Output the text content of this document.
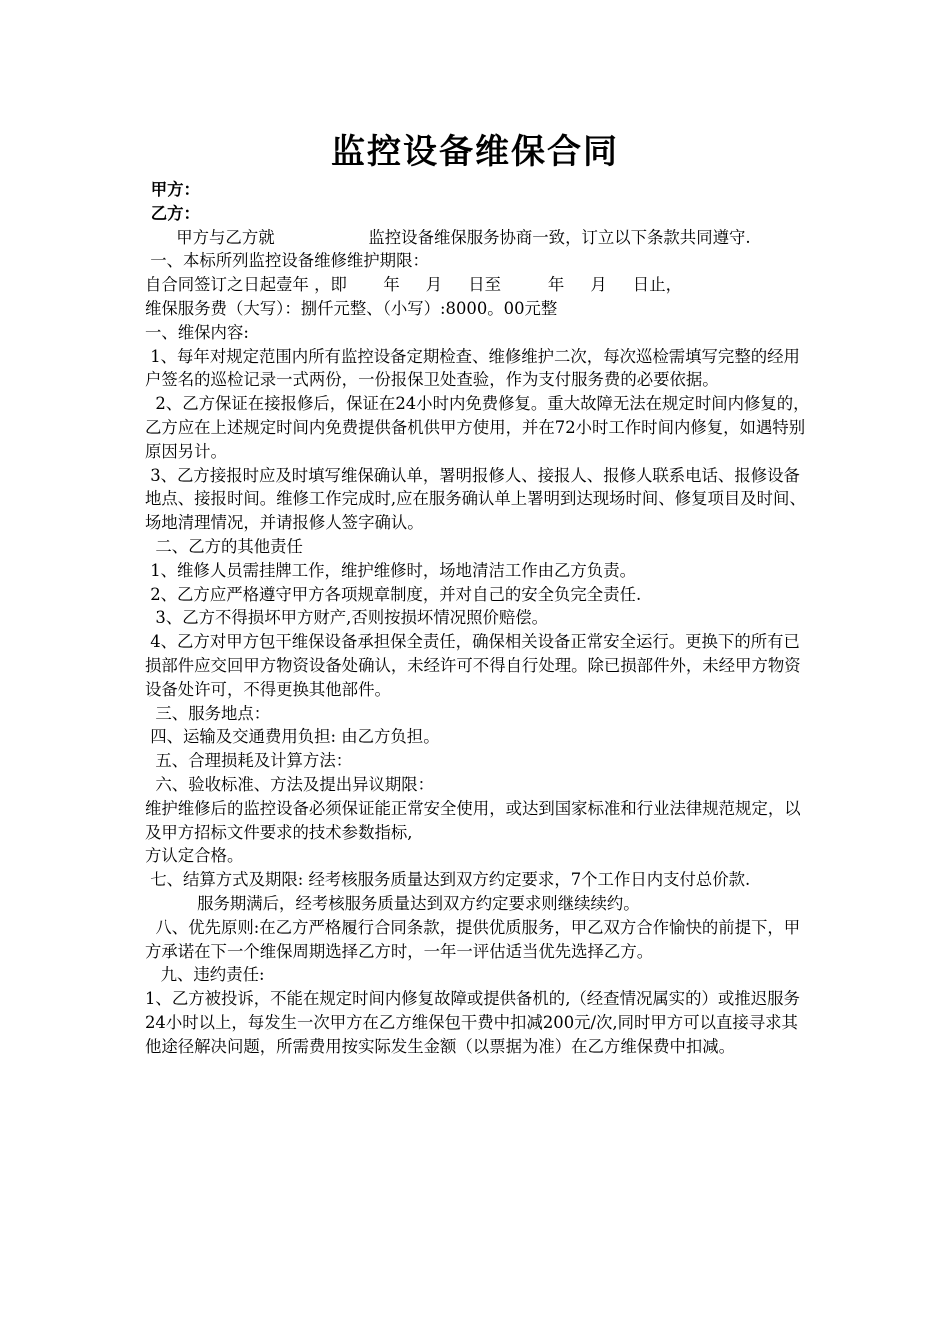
监控设备维保合同

甲方：

乙方：

甲方与乙方就                  监控设备维保服务协商一致，订立以下条款共同遵守.

一、本标所列监控设备维修维护期限：

自合同签订之日起壹年 ，即       年     月     日至         年     月     日止，

维保服务费（大写）：捌仟元整、（小写）:8000。00元整

一、维保内容:

1、每年对规定范围内所有监控设备定期检查、维修维护二次，每次巡检需填写完整的经用户签名的巡检记录一式两份，一份报保卫处查验，作为支付服务费的必要依据。

2、乙方保证在接报修后，保证在24小时内免费修复。重大故障无法在规定时间内修复的，乙方应在上述规定时间内免费提供备机供甲方使用，并在72小时工作时间内修复，如遇特别原因另计。

3、乙方接报时应及时填写维保确认单，署明报修人、接报人、报修人联系电话、报修设备地点、接报时间。维修工作完成时,应在服务确认单上署明到达现场时间、修复项目及时间、场地清理情况，并请报修人签字确认。

二、乙方的其他责任

1、维修人员需挂牌工作，维护维修时，场地清洁工作由乙方负责。

2、乙方应严格遵守甲方各项规章制度，并对自己的安全负完全责任.

3、乙方不得损坏甲方财产,否则按损坏情况照价赔偿。

4、乙方对甲方包干维保设备承担保全责任，确保相关设备正常安全运行。更换下的所有已损部件应交回甲方物资设备处确认，未经许可不得自行处理。除已损部件外，未经甲方物资设备处许可，不得更换其他部件。

三、服务地点：

四、运输及交通费用负担: 由乙方负担。

五、合理损耗及计算方法：

六、验收标准、方法及提出异议期限：

维护维修后的监控设备必须保证能正常安全使用，或达到国家标准和行业法律规范规定，以及甲方招标文件要求的技术参数指标,

方认定合格。

七、结算方式及期限: 经考核服务质量达到双方约定要求，7个工作日内支付总价款.

服务期满后，经考核服务质量达到双方约定要求则继续续约。

八、优先原则:在乙方严格履行合同条款，提供优质服务，甲乙双方合作愉快的前提下，甲方承诺在下一个维保周期选择乙方时，一年一评估适当优先选择乙方。

九、违约责任:

1、乙方被投诉，不能在规定时间内修复故障或提供备机的,（经查情况属实的）或推迟服务24小时以上，每发生一次甲方在乙方维保包干费中扣减200元/次,同时甲方可以直接寻求其他途径解决问题，所需费用按实际发生金额（以票据为准）在乙方维保费中扣减。
